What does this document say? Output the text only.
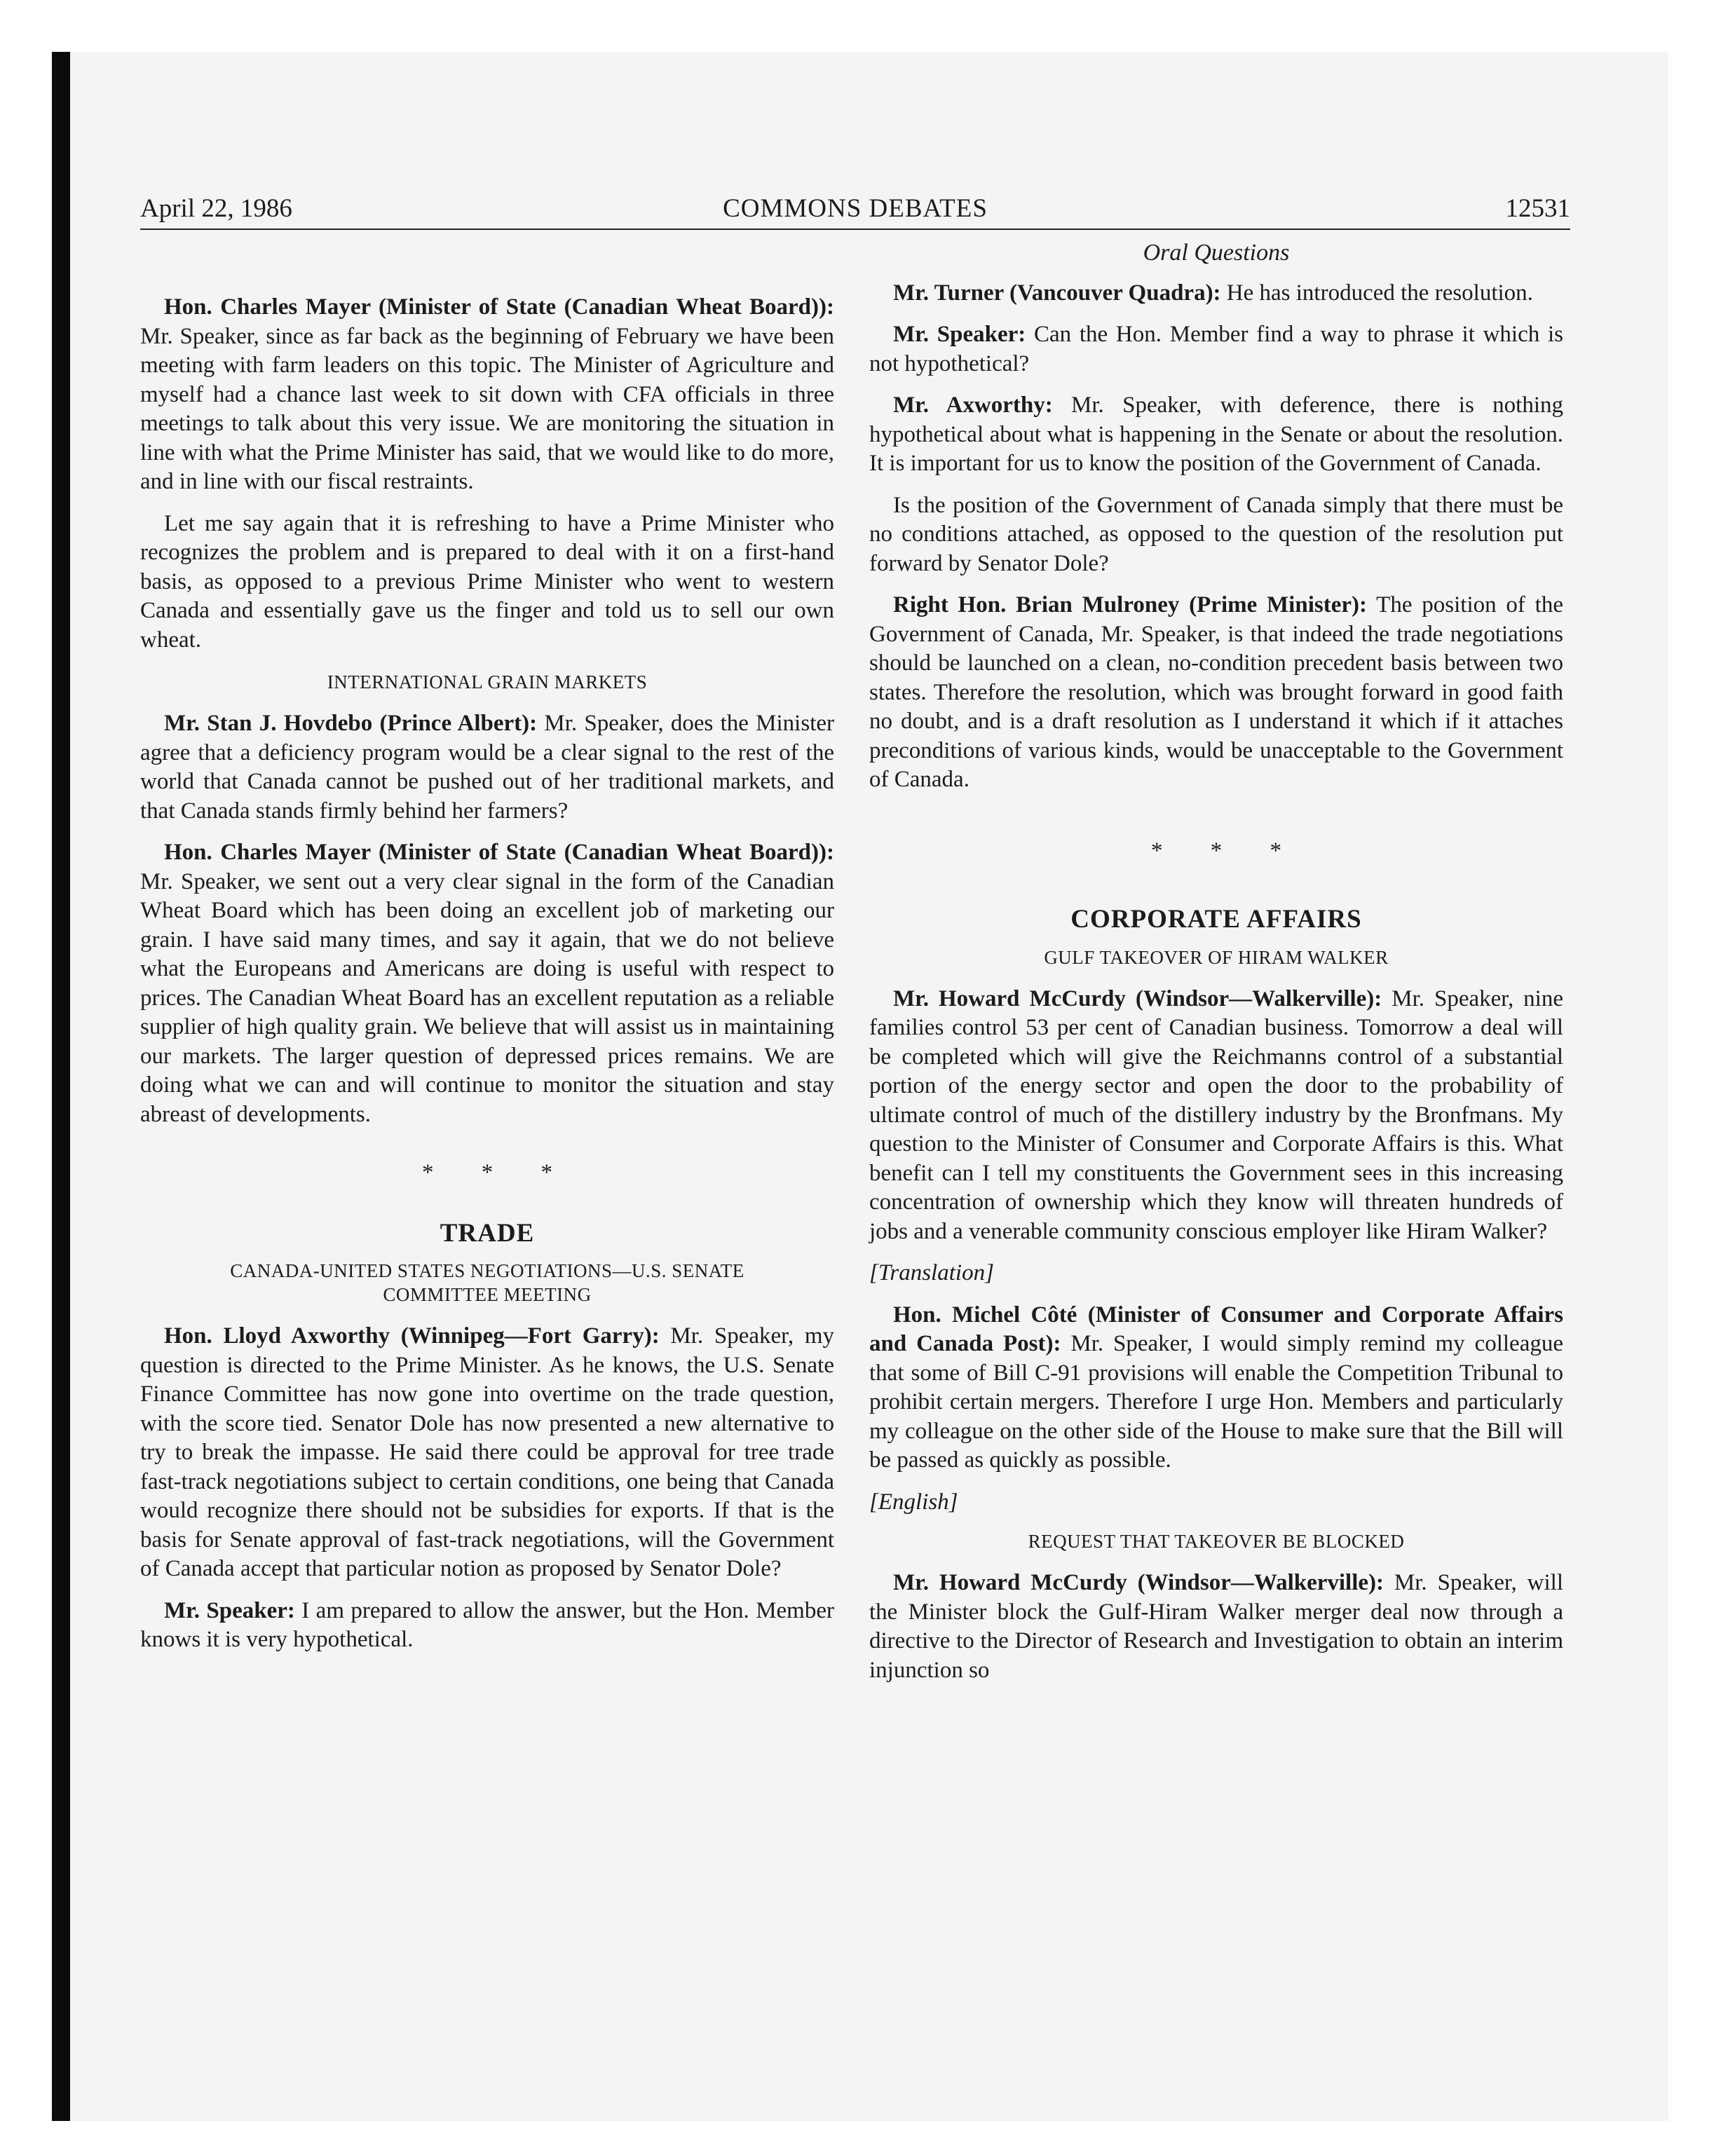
April 22, 1986	COMMONS DEBATES	12531

Hon. Charles Mayer (Minister of State (Canadian Wheat Board)): Mr. Speaker, since as far back as the beginning of February we have been meeting with farm leaders on this topic. The Minister of Agriculture and myself had a chance last week to sit down with CFA officials in three meetings to talk about this very issue. We are monitoring the situation in line with what the Prime Minister has said, that we would like to do more, and in line with our fiscal restraints.

Let me say again that it is refreshing to have a Prime Minister who recognizes the problem and is prepared to deal with it on a first-hand basis, as opposed to a previous Prime Minister who went to western Canada and essentially gave us the finger and told us to sell our own wheat.

INTERNATIONAL GRAIN MARKETS

Mr. Stan J. Hovdebo (Prince Albert): Mr. Speaker, does the Minister agree that a deficiency program would be a clear signal to the rest of the world that Canada cannot be pushed out of her traditional markets, and that Canada stands firmly behind her farmers?

Hon. Charles Mayer (Minister of State (Canadian Wheat Board)): Mr. Speaker, we sent out a very clear signal in the form of the Canadian Wheat Board which has been doing an excellent job of marketing our grain. I have said many times, and say it again, that we do not believe what the Europeans and Americans are doing is useful with respect to prices. The Canadian Wheat Board has an excellent reputation as a reliable supplier of high quality grain. We believe that will assist us in maintaining our markets. The larger question of depressed prices remains. We are doing what we can and will continue to monitor the situation and stay abreast of developments.

* * *
TRADE
CANADA-UNITED STATES NEGOTIATIONS—U.S. SENATE COMMITTEE MEETING

Hon. Lloyd Axworthy (Winnipeg—Fort Garry): Mr. Speaker, my question is directed to the Prime Minister. As he knows, the U.S. Senate Finance Committee has now gone into overtime on the trade question, with the score tied. Senator Dole has now presented a new alternative to try to break the impasse. He said there could be approval for tree trade fast-track negotiations subject to certain conditions, one being that Canada would recognize there should not be subsidies for exports. If that is the basis for Senate approval of fast-track negotiations, will the Government of Canada accept that particular notion as proposed by Senator Dole?

Mr. Speaker: I am prepared to allow the answer, but the Hon. Member knows it is very hypothetical.

Oral Questions

Mr. Turner (Vancouver Quadra): He has introduced the resolution.

Mr. Speaker: Can the Hon. Member find a way to phrase it which is not hypothetical?

Mr. Axworthy: Mr. Speaker, with deference, there is nothing hypothetical about what is happening in the Senate or about the resolution. It is important for us to know the position of the Government of Canada.

Is the position of the Government of Canada simply that there must be no conditions attached, as opposed to the question of the resolution put forward by Senator Dole?

Right Hon. Brian Mulroney (Prime Minister): The position of the Government of Canada, Mr. Speaker, is that indeed the trade negotiations should be launched on a clean, no-condition precedent basis between two states. Therefore the resolution, which was brought forward in good faith no doubt, and is a draft resolution as I understand it which if it attaches preconditions of various kinds, would be unacceptable to the Government of Canada.

* * *
CORPORATE AFFAIRS
GULF TAKEOVER OF HIRAM WALKER

Mr. Howard McCurdy (Windsor—Walkerville): Mr. Speaker, nine families control 53 per cent of Canadian business. Tomorrow a deal will be completed which will give the Reichmanns control of a substantial portion of the energy sector and open the door to the probability of ultimate control of much of the distillery industry by the Bronfmans. My question to the Minister of Consumer and Corporate Affairs is this. What benefit can I tell my constituents the Government sees in this increasing concentration of ownership which they know will threaten hundreds of jobs and a venerable community conscious employer like Hiram Walker?

[Translation]

Hon. Michel Côté (Minister of Consumer and Corporate Affairs and Canada Post): Mr. Speaker, I would simply remind my colleague that some of Bill C-91 provisions will enable the Competition Tribunal to prohibit certain mergers. Therefore I urge Hon. Members and particularly my colleague on the other side of the House to make sure that the Bill will be passed as quickly as possible.

[English]
REQUEST THAT TAKEOVER BE BLOCKED

Mr. Howard McCurdy (Windsor—Walkerville): Mr. Speaker, will the Minister block the Gulf-Hiram Walker merger deal now through a directive to the Director of Research and Investigation to obtain an interim injunction so
